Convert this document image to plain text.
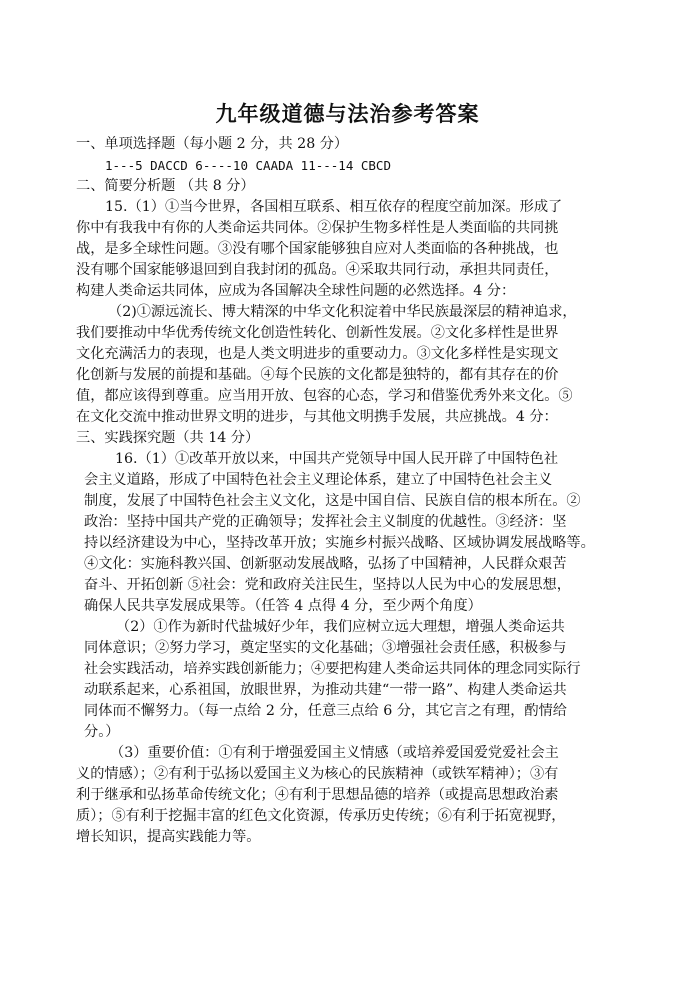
九年级道德与法治参考答案
一、单项选择题（每小题 2 分，共 28 分）
1---5 DACCD 6----10 CAADA 11---14 CBCD
二、简要分析题 （共 8 分）
15.（1）①当今世界，各国相互联系、相互依存的程度空前加深。形成了
你中有我我中有你的人类命运共同体。②保护生物多样性是人类面临的共同挑
战，是多全球性问题。③没有哪个国家能够独自应对人类面临的各种挑战，也
没有哪个国家能够退回到自我封闭的孤岛。④采取共同行动，承担共同责任，
构建人类命运共同体，应成为各国解决全球性问题的必然选择。4 分：
（2)①源远流长、博大精深的中华文化积淀着中华民族最深层的精神追求，
我们要推动中华优秀传统文化创造性转化、创新性发展。②文化多样性是世界
文化充满活力的表现，也是人类文明进步的重要动力。③文化多样性是实现文
化创新与发展的前提和基础。④每个民族的文化都是独特的，都有其存在的价
值，都应该得到尊重。应当用开放、包容的心态，学习和借鉴优秀外来文化。⑤
在文化交流中推动世界文明的进步，与其他文明携手发展，共应挑战。4 分：
三、实践探究题（共 14 分）
16.（1）①改革开放以来，中国共产党领导中国人民开辟了中国特色社
会主义道路，形成了中国特色社会主义理论体系，建立了中国特色社会主义
制度，发展了中国特色社会主义文化，这是中国自信、民族自信的根本所在。②
政治：坚持中国共产党的正确领导；发挥社会主义制度的优越性。③经济：坚
持以经济建设为中心，坚持改革开放；实施乡村振兴战略、区域协调发展战略等。
④文化：实施科教兴国、创新驱动发展战略，弘扬了中国精神，人民群众艰苦
奋斗、开拓创新 ⑤社会：党和政府关注民生，坚持以人民为中心的发展思想，
确保人民共享发展成果等。（任答 4 点得 4 分，至少两个角度）
（2）①作为新时代盐城好少年，我们应树立远大理想，增强人类命运共
同体意识；②努力学习，奠定坚实的文化基础；③增强社会责任感，积极参与
社会实践活动，培养实践创新能力；④要把构建人类命运共同体的理念同实际行
动联系起来，心系祖国，放眼世界，为推动共建“一带一路”、构建人类命运共
同体而不懈努力。（每一点给 2 分，任意三点给 6 分，其它言之有理，酌情给
分。）
（3）重要价值：①有利于增强爱国主义情感（或培养爱国爱党爱社会主
义的情感）；②有利于弘扬以爱国主义为核心的民族精神（或铁军精神）；③有
利于继承和弘扬革命传统文化；④有利于思想品德的培养（或提高思想政治素
质）；⑤有利于挖掘丰富的红色文化资源，传承历史传统；⑥有利于拓宽视野，
增长知识，提高实践能力等。
